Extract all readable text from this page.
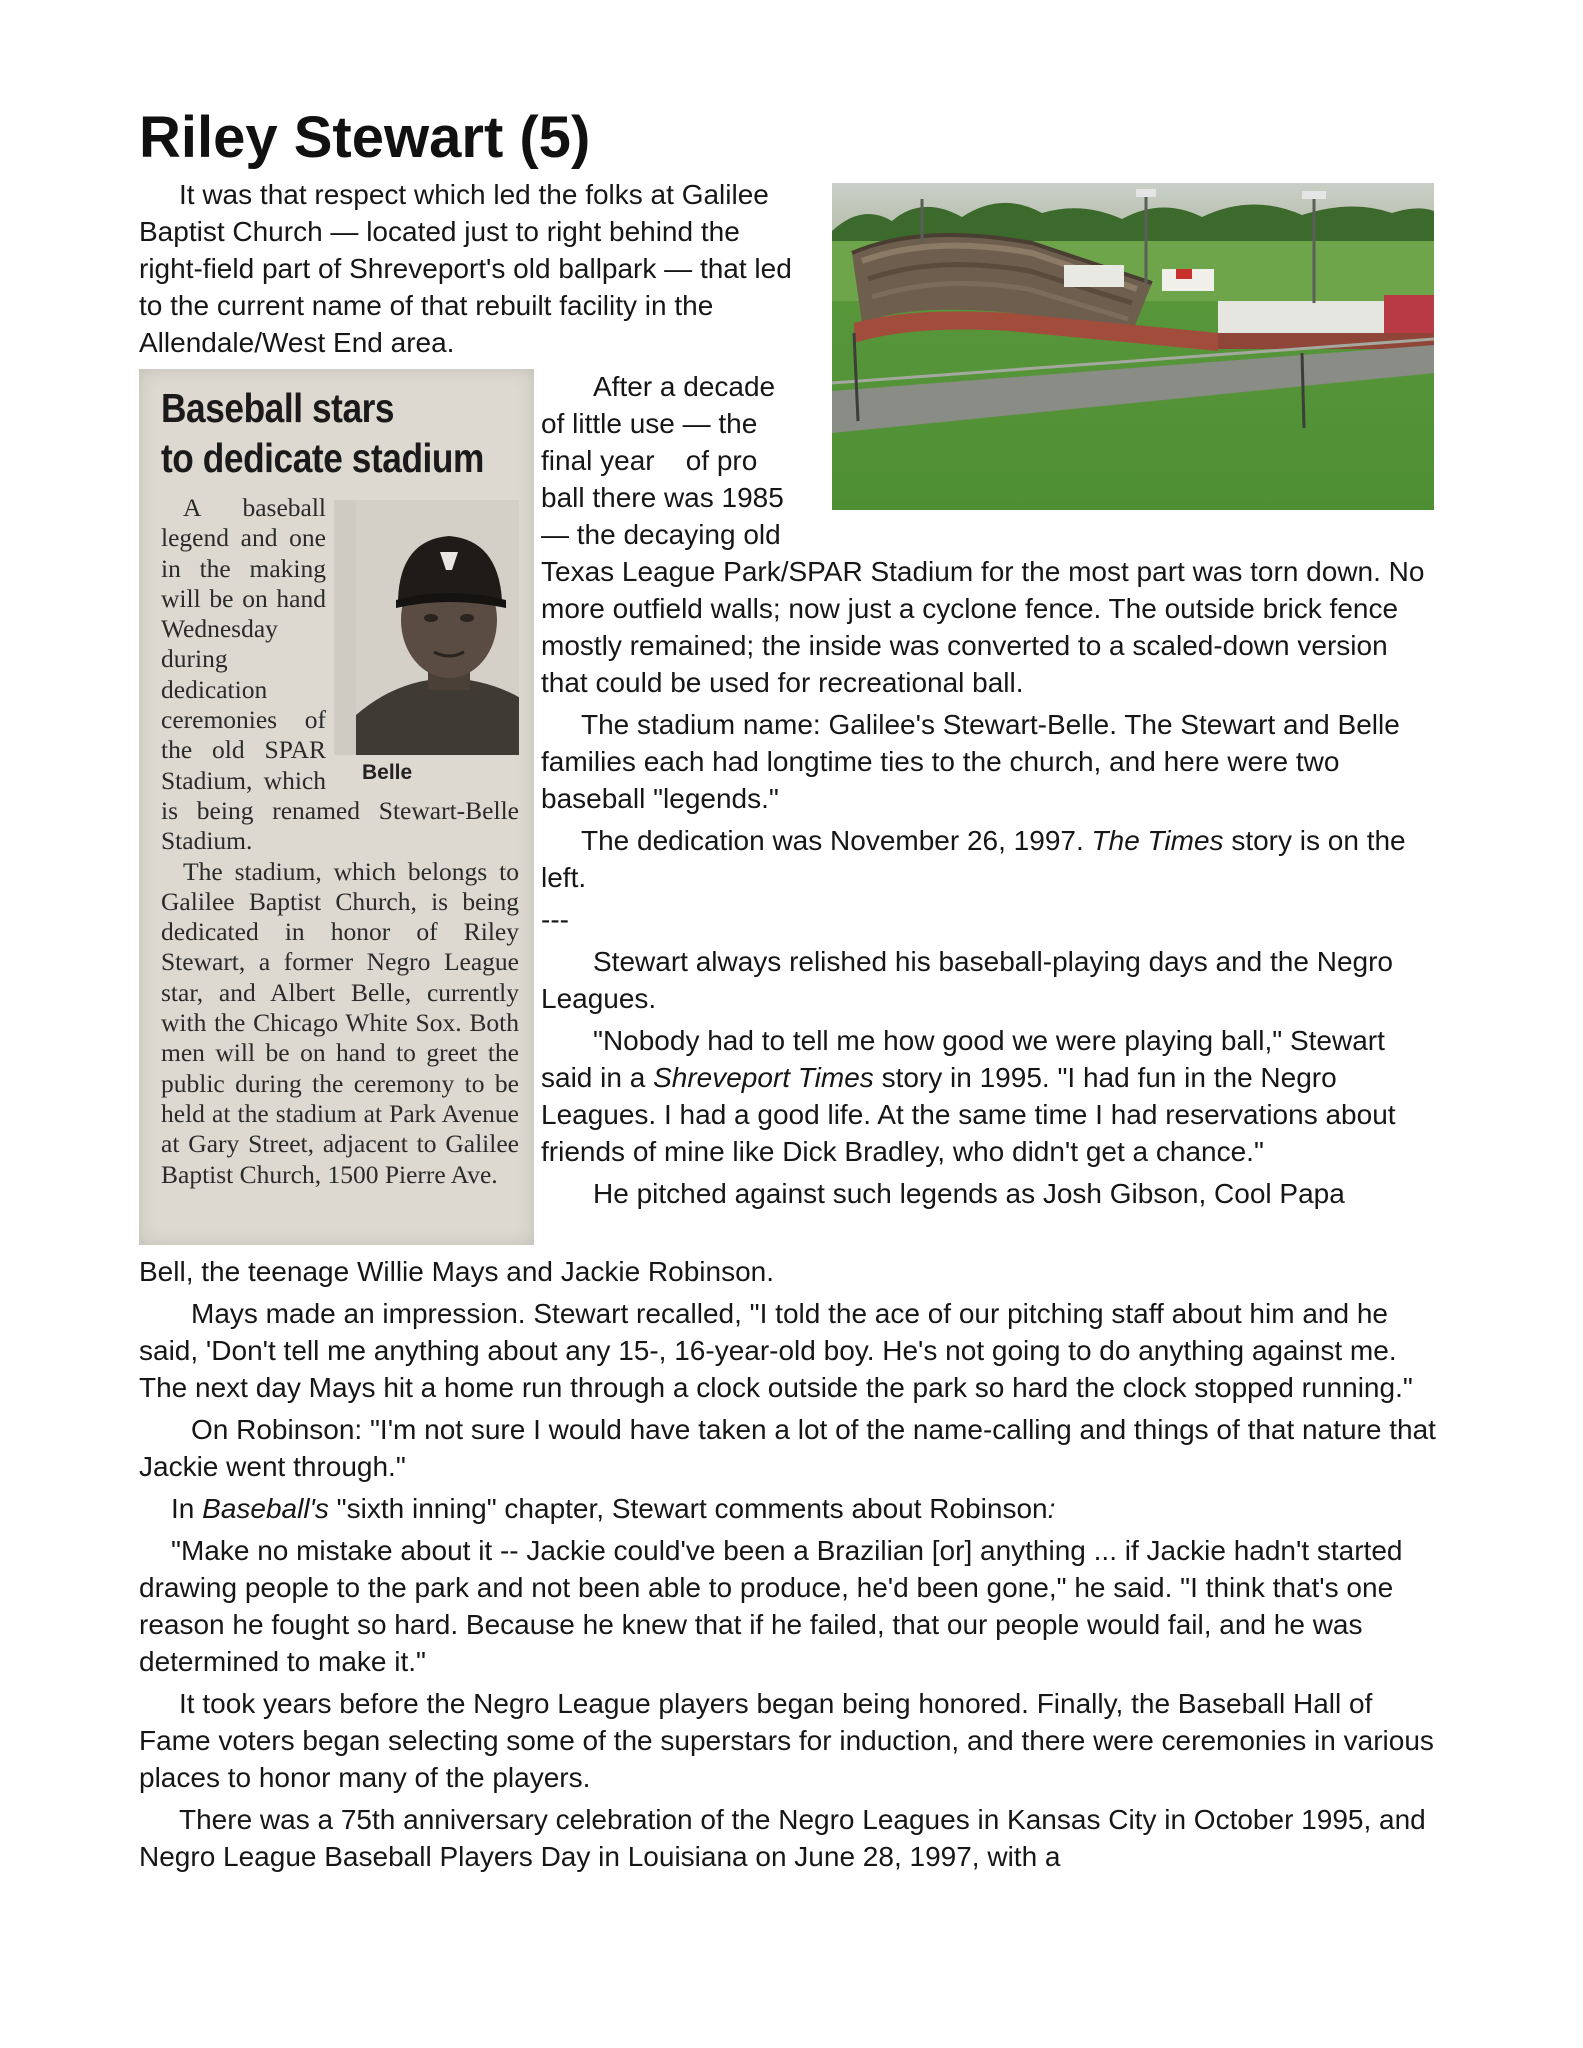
Riley Stewart (5)

It was that respect which led the folks at Galilee Baptist Church — located just to right behind the right-field part of Shreveport's old ballpark — that led to the current name of that rebuilt facility in the Allendale/West End area.

Baseball stars
to dedicate stadium

Belle
A baseball legend and one in the making will be on hand Wednesday during dedication ceremonies of the old SPAR Stadium, which is being renamed Stewart-Belle Stadium.

The stadium, which belongs to Galilee Baptist Church, is being dedicated in honor of Riley Stewart, a former Negro League star, and Albert Belle, currently with the Chicago White Sox. Both men will be on hand to greet the public during the ceremony to be held at the stadium at Park Avenue at Gary Street, adjacent to Galilee Baptist Church, 1500 Pierre Ave.

After a decade

of little use — the

final year    of pro

ball there was 1985

— the decaying old

Texas League Park/SPAR Stadium for the most part was torn down. No more outfield walls; now just a cyclone fence. The outside brick fence mostly remained; the inside was converted to a scaled-down version that could be used for recreational ball.

The stadium name: Galilee's Stewart-Belle. The Stewart and Belle families each had longtime ties to the church, and here were two baseball "legends."

The dedication was November 26, 1997. The Times story is on the left.

---

Stewart always relished his baseball-playing days and the Negro Leagues.

"Nobody had to tell me how good we were playing ball," Stewart said in a Shreveport Times story in 1995. "I had fun in the Negro Leagues. I had a good life. At the same time I had reservations about friends of mine like Dick Bradley, who didn't get a chance."

He pitched against such legends as Josh Gibson, Cool Papa

Bell, the teenage Willie Mays and Jackie Robinson.

Mays made an impression. Stewart recalled, "I told the ace of our pitching staff about him and he said, 'Don't tell me anything about any 15-, 16-year-old boy. He's not going to do anything against me. The next day Mays hit a home run through a clock outside the park so hard the clock stopped running."

On Robinson: "I'm not sure I would have taken a lot of the name-calling and things of that nature that Jackie went through."

In Baseball's "sixth inning" chapter, Stewart comments about Robinson:

"Make no mistake about it -- Jackie could've been a Brazilian [or] anything ... if Jackie hadn't started drawing people to the park and not been able to produce, he'd been gone," he said. "I think that's one reason he fought so hard. Because he knew that if he failed, that our people would fail, and he was determined to make it."

It took years before the Negro League players began being honored. Finally, the Baseball Hall of Fame voters began selecting some of the superstars for induction, and there were ceremonies in various places to honor many of the players.

There was a 75th anniversary celebration of the Negro Leagues in Kansas City in October 1995, and Negro League Baseball Players Day in Louisiana on June 28, 1997, with a
